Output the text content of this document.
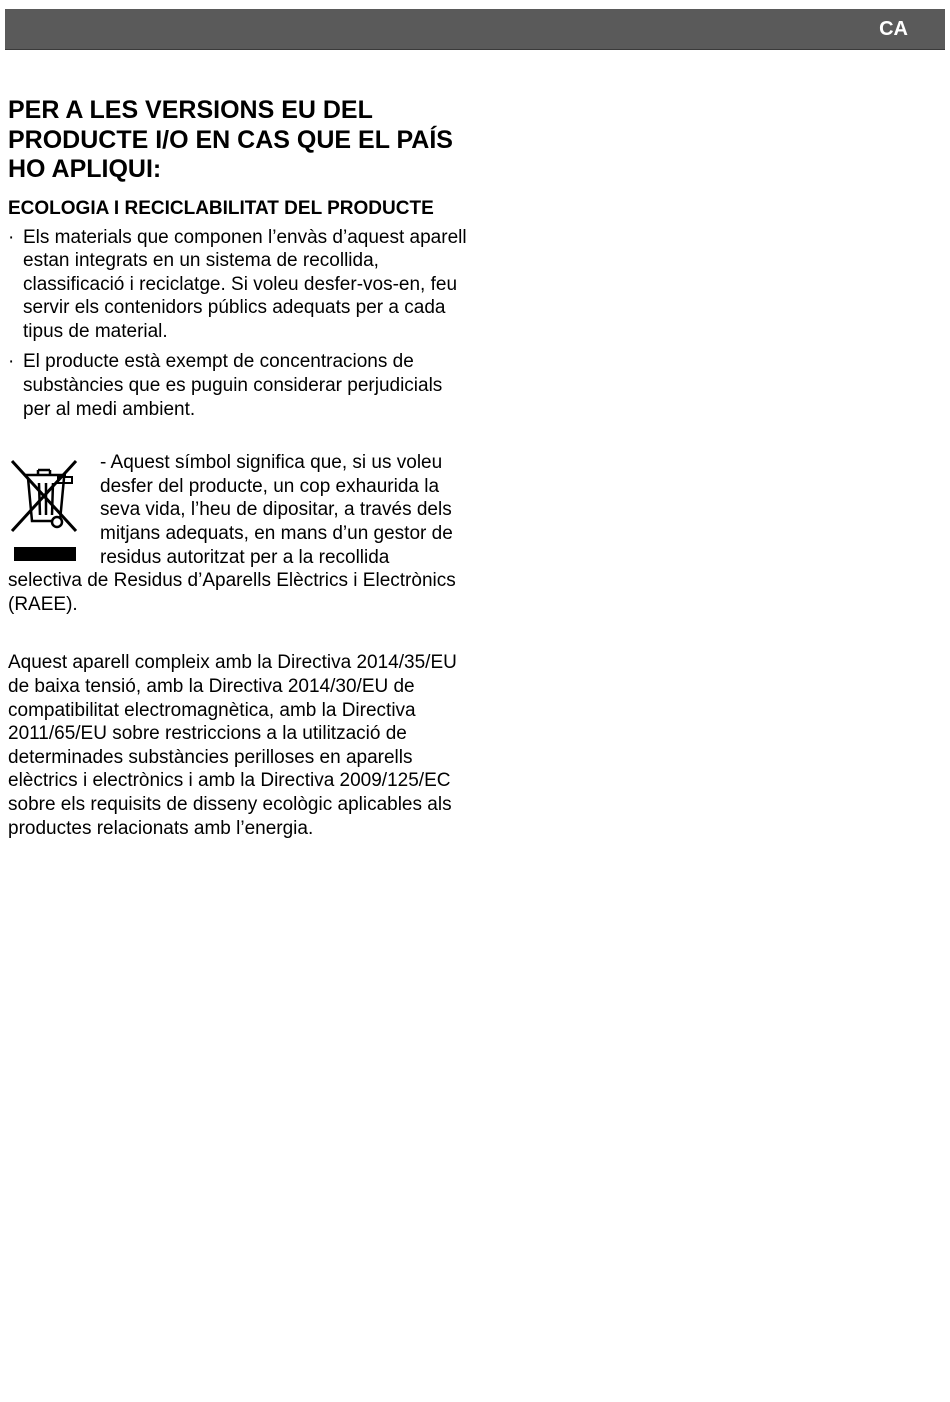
CA
PER A LES VERSIONS EU DEL PRODUCTE I/O EN CAS QUE EL PAÍS HO APLIQUI:
ECOLOGIA I RECICLABILITAT DEL PRODUCTE
· Els materials que componen l’envàs d’aquest aparell estan integrats en un sistema de recollida, classificació i reciclatge. Si voleu desfer-vos-en, feu servir els contenidors públics adequats per a cada tipus de material.
· El producte està exempt de concentracions de substàncies que es puguin considerar perjudicials per al medi ambient.
- Aquest símbol significa que, si us voleu desfer del producte, un cop exhaurida la seva vida, l’heu de dipositar, a través dels mitjans adequats, en mans d’un gestor de residus autoritzat per a la recollida selectiva de Residus d’Aparells Elèctrics i Electrònics (RAEE).

Aquest aparell compleix amb la Directiva 2014/35/EU de baixa tensió, amb la Directiva 2014/30/EU de compatibilitat electromagnètica, amb la Directiva 2011/65/EU sobre restriccions a la utilització de determinades substàncies perilloses en aparells elèctrics i electrònics i amb la Directiva 2009/125/EC sobre els requisits de disseny ecològic aplicables als productes relacionats amb l’energia.
